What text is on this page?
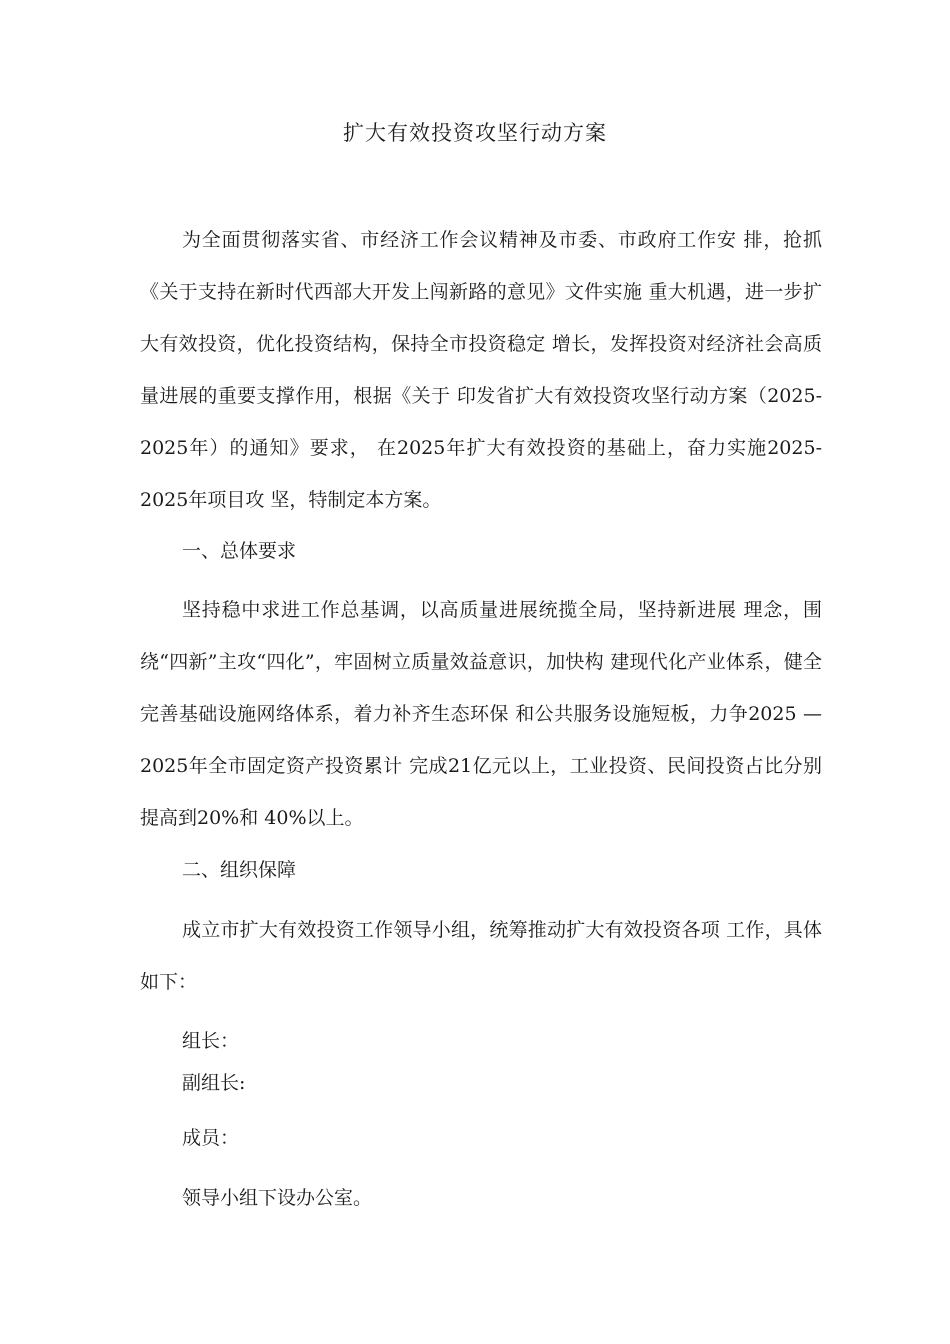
扩大有效投资攻坚行动方案

为全面贯彻落实省、市经济工作会议精神及市委、市政府工作安 排，抢抓《关于支持在新时代西部大开发上闯新路的意见》文件实施 重大机遇，进一步扩大有效投资，优化投资结构，保持全市投资稳定 增长，发挥投资对经济社会高质量进展的重要支撑作用，根据《关于 印发省扩大有效投资攻坚行动方案（2025-2025年）的通知》要求， 在2025年扩大有效投资的基础上，奋力实施2025-2025年项目攻 坚，特制定本方案。

一、总体要求

坚持稳中求进工作总基调，以高质量进展统揽全局，坚持新进展 理念，围绕“四新”主攻“四化”，牢固树立质量效益意识，加快构 建现代化产业体系，健全完善基础设施网络体系，着力补齐生态环保 和公共服务设施短板，力争2025 — 2025年全市固定资产投资累计 完成21亿元以上，工业投资、民间投资占比分别提高到20%和 40%以上。

二、组织保障

成立市扩大有效投资工作领导小组，统筹推动扩大有效投资各项 工作，具体如下：

组长：

副组长:

成员：

领导小组下设办公室。
